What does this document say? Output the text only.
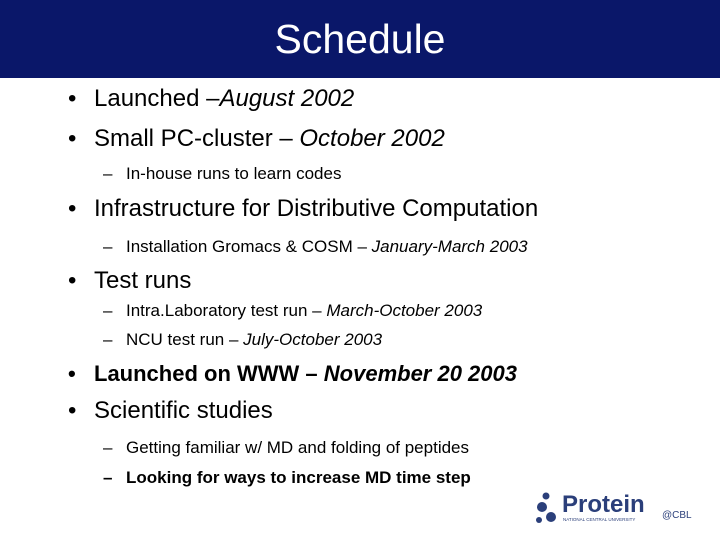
Schedule
• Launched –August 2002
• Small PC-cluster – October 2002
– In-house runs to learn codes
• Infrastructure for Distributive Computation
– Installation Gromacs & COSM – January-March 2003
• Test runs
– Intra.Laboratory test run – March-October 2003
– NCU test run – July-October 2003
• Launched on WWW – November 20 2003
• Scientific studies
– Getting familiar w/ MD and folding of peptides
– Looking for ways to increase MD time step
Protein @CBL
NATIONAL CENTRAL UNIVERSITY
